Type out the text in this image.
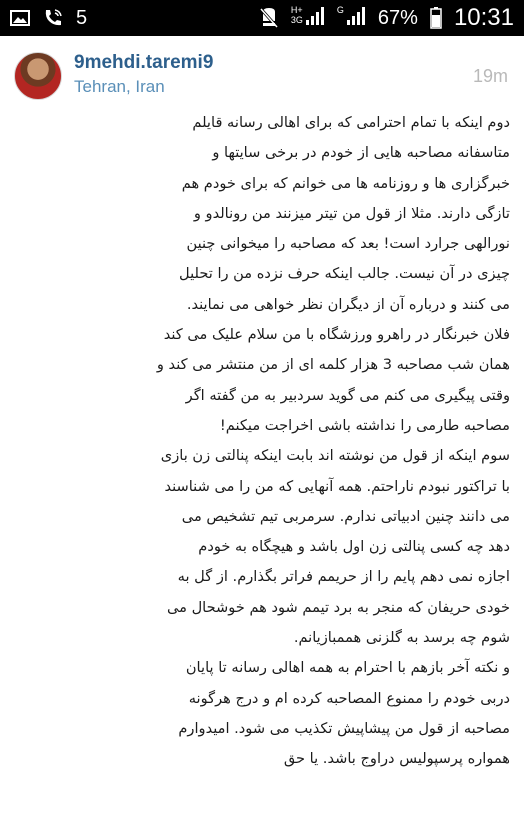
5	H+
3G
G 67% 10:31
9mehdi.taremi9
Tehran, Iran
19m
دوم اینکه با تمام احترامی که برای اهالی رسانه قایلم
متاسفانه مصاحبه هایی از خودم در برخی سایتها و
خبرگزاری ها و روزنامه ها می خوانم که برای خودم هم
تازگی دارند. مثلا از قول من تیتر میزنند من رونالدو و
نورالهی جرارد است! بعد که مصاحبه را میخوانی چنین
چیزی در آن نیست. جالب اینکه حرف نزده من را تحلیل
می کنند و درباره آن از دیگران نظر خواهی می نمایند.
فلان خبرنگار در راهرو ورزشگاه با من سلام علیک می کند
همان شب مصاحبه 3 هزار کلمه ای از من منتشر می کند و
وقتی پیگیری می کنم می گوید سردبیر به من گفته اگر
مصاحبه طارمی را نداشته باشی اخراجت میکنم!
سوم اینکه از قول من نوشته اند بابت اینکه پنالتی زن بازی
با تراکتور نبودم ناراحتم. همه آنهایی که من را می شناسند
می دانند چنین ادبیاتی ندارم. سرمربی تیم تشخیص می
دهد چه کسی پنالتی زن اول باشد و هیچگاه به خودم
اجازه نمی دهم پایم را از حریمم فراتر بگذارم. از گل به
خودی حریفان که منجر به برد تیمم شود هم خوشحال می
شوم چه برسد به گلزنی هممبازیانم.
و نکته آخر بازهم با احترام به همه اهالی رسانه تا پایان
دربی خودم را ممنوع المصاحبه کرده ام و درج هرگونه
مصاحبه از قول من پیشاپیش تکذیب می شود. امیدوارم
همواره پرسپولیس دراوج باشد. یا حق
